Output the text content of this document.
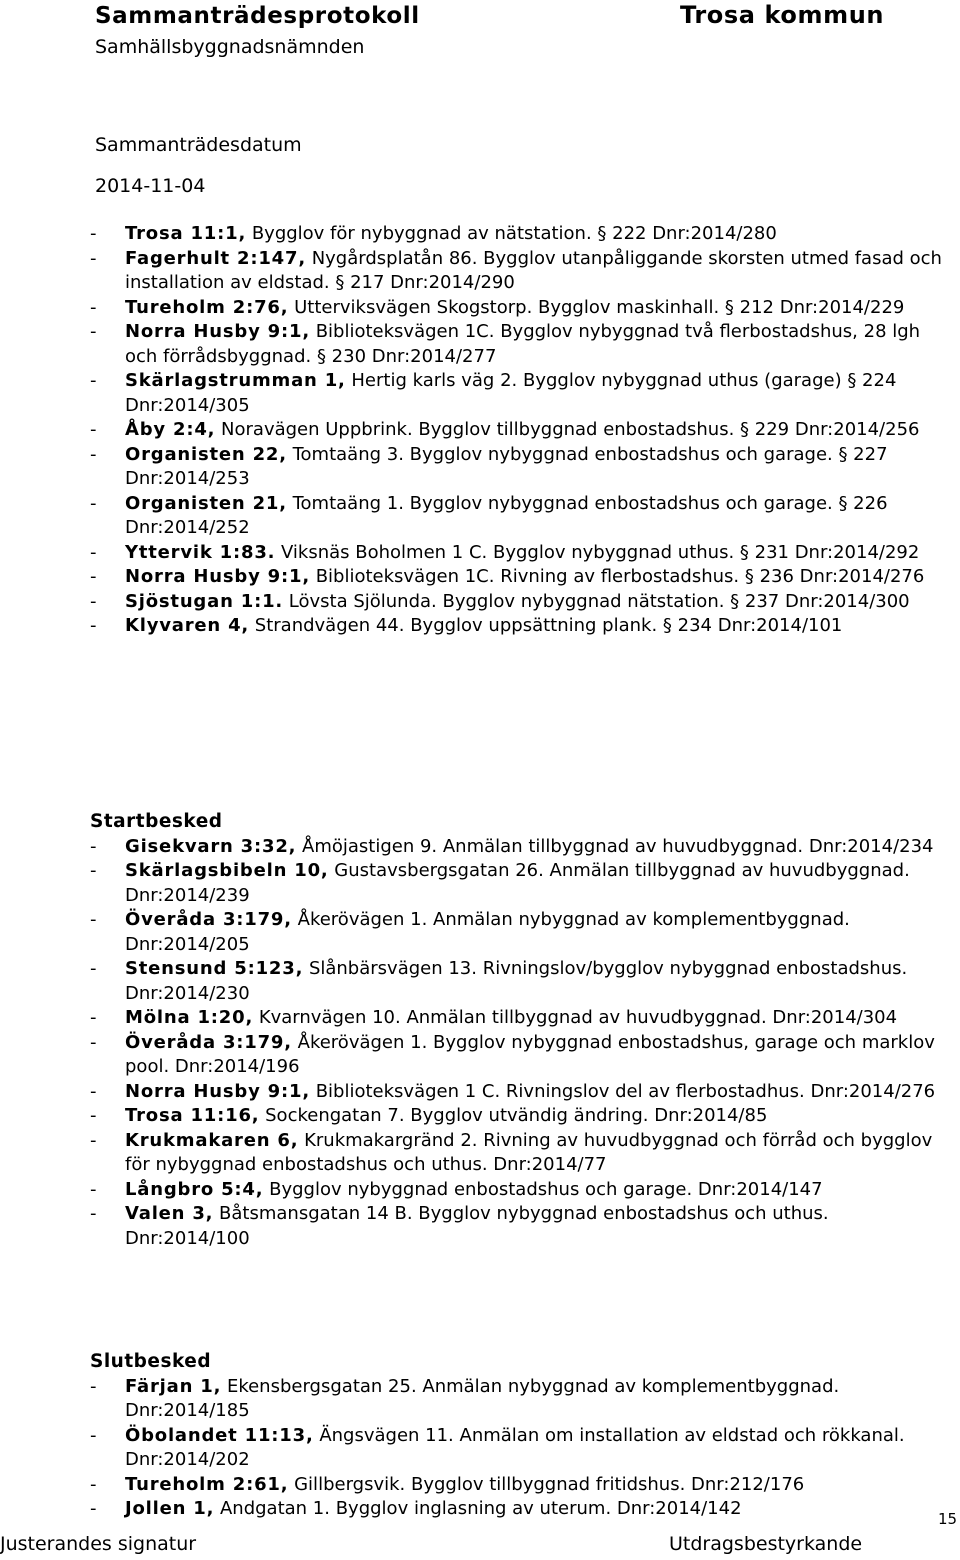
Sammanträdesprotokoll	Trosa kommun
Samhällsbyggnadsnämnden
Sammanträdesdatum
2014-11-04
- Trosa 11:1, Bygglov för nybyggnad av nätstation. § 222 Dnr:2014/280
- Fagerhult 2:147, Nygårdsplatån 86. Bygglov utanpåliggande skorsten utmed fasad och installation av eldstad. § 217 Dnr:2014/290
- Tureholm 2:76, Utterviksvägen Skogstorp. Bygglov maskinhall. § 212 Dnr:2014/229
- Norra Husby 9:1, Biblioteksvägen 1C. Bygglov nybyggnad två flerbostadshus, 28 lgh och förrådsbyggnad. § 230 Dnr:2014/277
- Skärlagstrumman 1, Hertig karls väg 2. Bygglov nybyggnad uthus (garage) § 224 Dnr:2014/305
- Åby 2:4, Noravägen Uppbrink. Bygglov tillbyggnad enbostadshus. § 229 Dnr:2014/256
- Organisten 22, Tomtaäng 3. Bygglov nybyggnad enbostadshus och garage. § 227 Dnr:2014/253
- Organisten 21, Tomtaäng 1. Bygglov nybyggnad enbostadshus och garage. § 226 Dnr:2014/252
- Yttervik 1:83. Viksnäs Boholmen 1 C. Bygglov nybyggnad uthus. § 231 Dnr:2014/292
- Norra Husby 9:1, Biblioteksvägen 1C. Rivning av flerbostadshus. § 236 Dnr:2014/276
- Sjöstugan 1:1. Lövsta Sjölunda. Bygglov nybyggnad nätstation. § 237 Dnr:2014/300
- Klyvaren 4, Strandvägen 44. Bygglov uppsättning plank. § 234 Dnr:2014/101
Startbesked
- Gisekvarn 3:32, Åmöjastigen 9. Anmälan tillbyggnad av huvudbyggnad. Dnr:2014/234
- Skärlagsbibeln 10, Gustavsbergsgatan 26. Anmälan tillbyggnad av huvudbyggnad. Dnr:2014/239
- Överåda 3:179, Åkerövägen 1. Anmälan nybyggnad av komplementbyggnad. Dnr:2014/205
- Stensund 5:123, Slånbärsvägen 13. Rivningslov/bygglov nybyggnad enbostadshus. Dnr:2014/230
- Mölna 1:20, Kvarnvägen 10. Anmälan tillbyggnad av huvudbyggnad. Dnr:2014/304
- Överåda 3:179, Åkerövägen 1. Bygglov nybyggnad enbostadshus, garage och marklov pool. Dnr:2014/196
- Norra Husby 9:1, Biblioteksvägen 1 C. Rivningslov del av flerbostadhus. Dnr:2014/276
- Trosa 11:16, Sockengatan 7. Bygglov utvändig ändring. Dnr:2014/85
- Krukmakaren 6, Krukmakargränd 2. Rivning av huvudbyggnad och förråd och bygglov för nybyggnad enbostadshus och uthus. Dnr:2014/77
- Långbro 5:4, Bygglov nybyggnad enbostadshus och garage. Dnr:2014/147
- Valen 3, Båtsmansgatan 14 B. Bygglov nybyggnad enbostadshus och uthus. Dnr:2014/100
Slutbesked
- Färjan 1, Ekensbergsgatan 25. Anmälan nybyggnad av komplementbyggnad. Dnr:2014/185
- Öbolandet 11:13, Ängsvägen 11. Anmälan om installation av eldstad och rökkanal. Dnr:2014/202
- Tureholm 2:61, Gillbergsvik. Bygglov tillbyggnad fritidshus. Dnr:212/176
- Jollen 1, Andgatan 1. Bygglov inglasning av uterum. Dnr:2014/142
Justerandes signatur	Utdragsbestyrkande
15
